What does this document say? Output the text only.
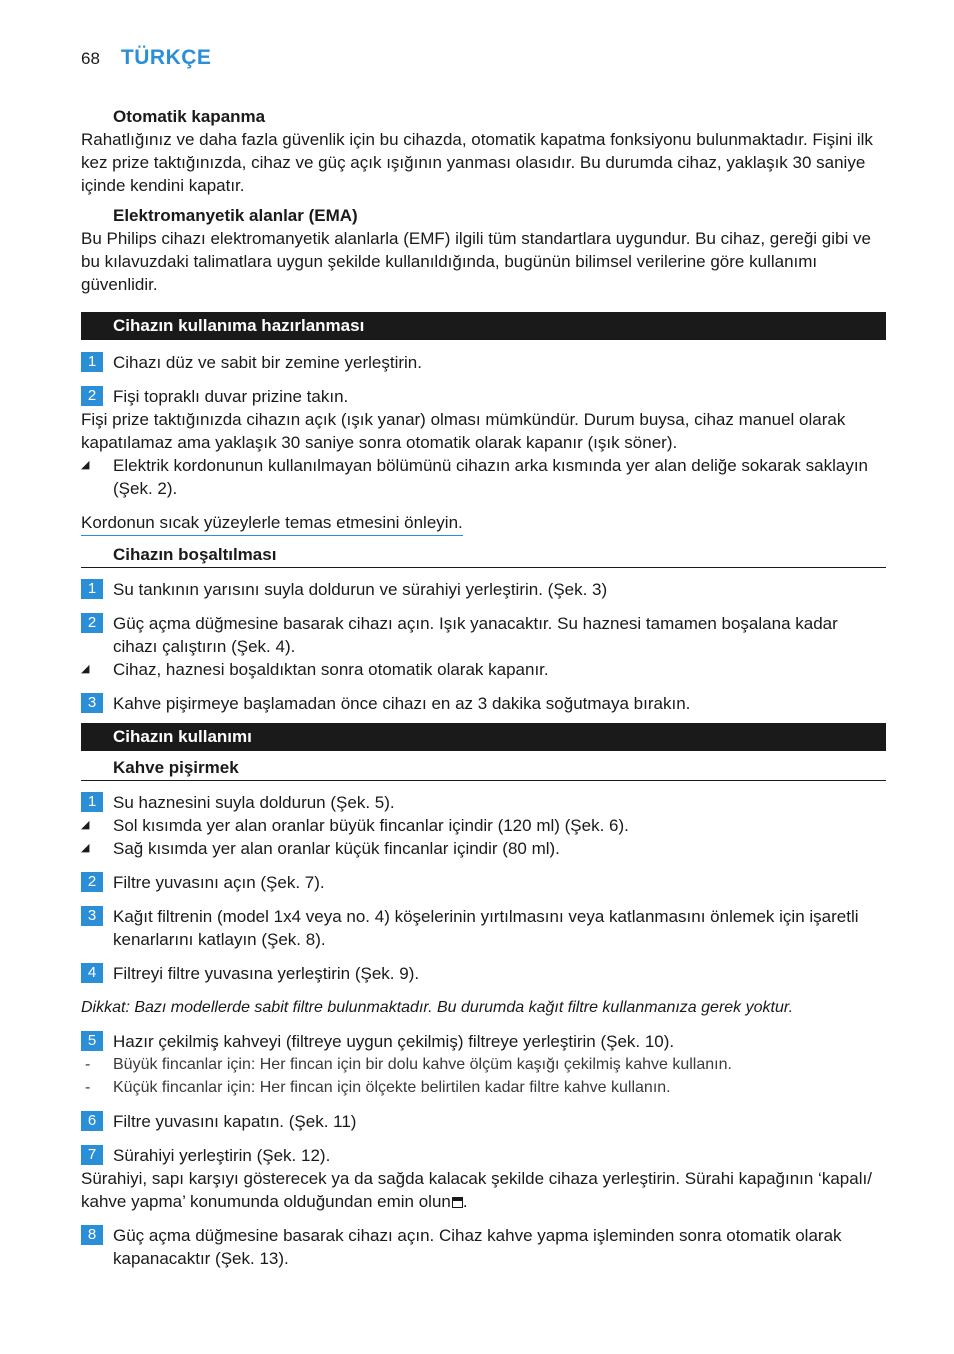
68 TÜRKÇE

Otomatik kapanma

Rahatlığınız ve daha fazla güvenlik için bu cihazda, otomatik kapatma fonksiyonu bulunmaktadır. Fişini ilk kez prize taktığınızda, cihaz ve güç açık ışığının yanması olasıdır. Bu durumda cihaz, yaklaşık 30 saniye içinde kendini kapatır.

Elektromanyetik alanlar (EMA)

Bu Philips cihazı elektromanyetik alanlarla (EMF) ilgili tüm standartlara uygundur. Bu cihaz, gereği gibi ve bu kılavuzdaki talimatlara uygun şekilde kullanıldığında, bugünün bilimsel verilerine göre kullanımı güvenlidir.

Cihazın kullanıma hazırlanması
1 Cihazı düz ve sabit bir zemine yerleştirin.
2 Fişi topraklı duvar prizine takın.

Fişi prize taktığınızda cihazın açık (ışık yanar) olması mümkündür. Durum buysa, cihaz manuel olarak kapatılamaz ama yaklaşık 30 saniye sonra otomatik olarak kapanır (ışık söner).

◢	Elektrik kordonunun kullanılmayan bölümünü cihazın arka kısmında yer alan deliğe sokarak saklayın (Şek. 2).
Kordonun sıcak yüzeylerle temas etmesini önleyin.

Cihazın boşaltılması

1 Su tankının yarısını suyla doldurun ve sürahiyi yerleştirin. (Şek. 3)
2 Güç açma düğmesine basarak cihazı açın. Işık yanacaktır. Su haznesi tamamen boşalana kadar cihazı çalıştırın (Şek. 4).
◢	Cihaz, haznesi boşaldıktan sonra otomatik olarak kapanır.
3 Kahve pişirmeye başlamadan önce cihazı en az 3 dakika soğutmaya bırakın.
Cihazın kullanımı

Kahve pişirmek

1 Su haznesini suyla doldurun (Şek. 5).
◢	Sol kısımda yer alan oranlar büyük fincanlar içindir (120 ml) (Şek. 6).
◢	Sağ kısımda yer alan oranlar küçük fincanlar içindir (80 ml).
2 Filtre yuvasını açın (Şek. 7).
3 Kağıt filtrenin (model 1x4 veya no. 4) köşelerinin yırtılmasını veya katlanmasını önlemek için işaretli kenarlarını katlayın (Şek. 8).
4 Filtreyi filtre yuvasına yerleştirin (Şek. 9).

Dikkat: Bazı modellerde sabit filtre bulunmaktadır. Bu durumda kağıt filtre kullanmanıza gerek yoktur.

5 Hazır çekilmiş kahveyi (filtreye uygun çekilmiş) filtreye yerleştirin (Şek. 10).
-	Büyük fincanlar için: Her fincan için bir dolu kahve ölçüm kaşığı çekilmiş kahve kullanın.
-	Küçük fincanlar için: Her fincan için ölçekte belirtilen kadar filtre kahve kullanın.
6 Filtre yuvasını kapatın. (Şek. 11)
7 Sürahiyi yerleştirin (Şek. 12).

Sürahiyi, sapı karşıyı gösterecek ya da sağda kalacak şekilde cihaza yerleştirin. Sürahi kapağının ‘kapalı/ kahve yapma’ konumunda olduğundan emin olun .

8 Güç açma düğmesine basarak cihazı açın. Cihaz kahve yapma işleminden sonra otomatik olarak kapanacaktır (Şek. 13).
